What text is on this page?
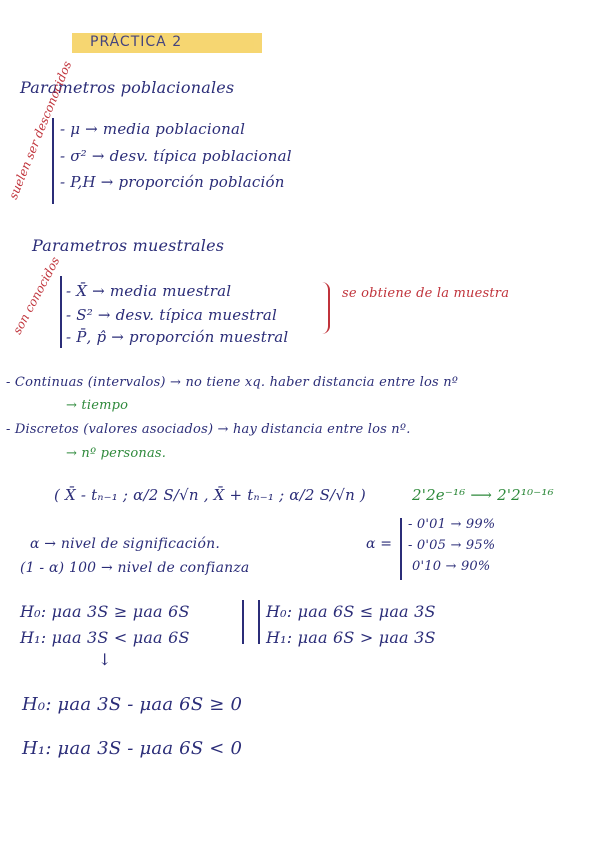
PRÁCTICA 2
Parametros poblacionales
suelen ser desconocidos
- μ → media poblacional
- σ² → desv. típica poblacional
- P,H → proporción población
Parametros muestrales
son conocidos - X̄ → media muestral
- S² → desv. típica muestral
- P̄, p̂ → proporción muestral
se obtiene de la muestra
- Continuas (intervalos) → no tiene xq. haber distancia entre los nº
→ tiempo
- Discretos (valores asociados) → hay distancia entre los nº.
→ nº personas.
( X̄ - tₙ₋₁ ; α/2 S/√n , X̄ + tₙ₋₁ ; α/2 S/√n )	2'2e⁻¹⁶ ⟶ 2'2¹⁰⁻¹⁶
α → nivel de significación.
(1 - α) 100 → nivel de confianza
α =
- 0'01 → 99%
- 0'05 → 95%
0'10 → 90%
H₀: μaa 3S ≥ μaa 6S
H₁: μaa 3S < μaa 6S
H₀: μaa 6S ≤ μaa 3S
H₁: μaa 6S > μaa 3S
↓
H₀: μaa 3S - μaa 6S ≥ 0
H₁: μaa 3S - μaa 6S < 0
